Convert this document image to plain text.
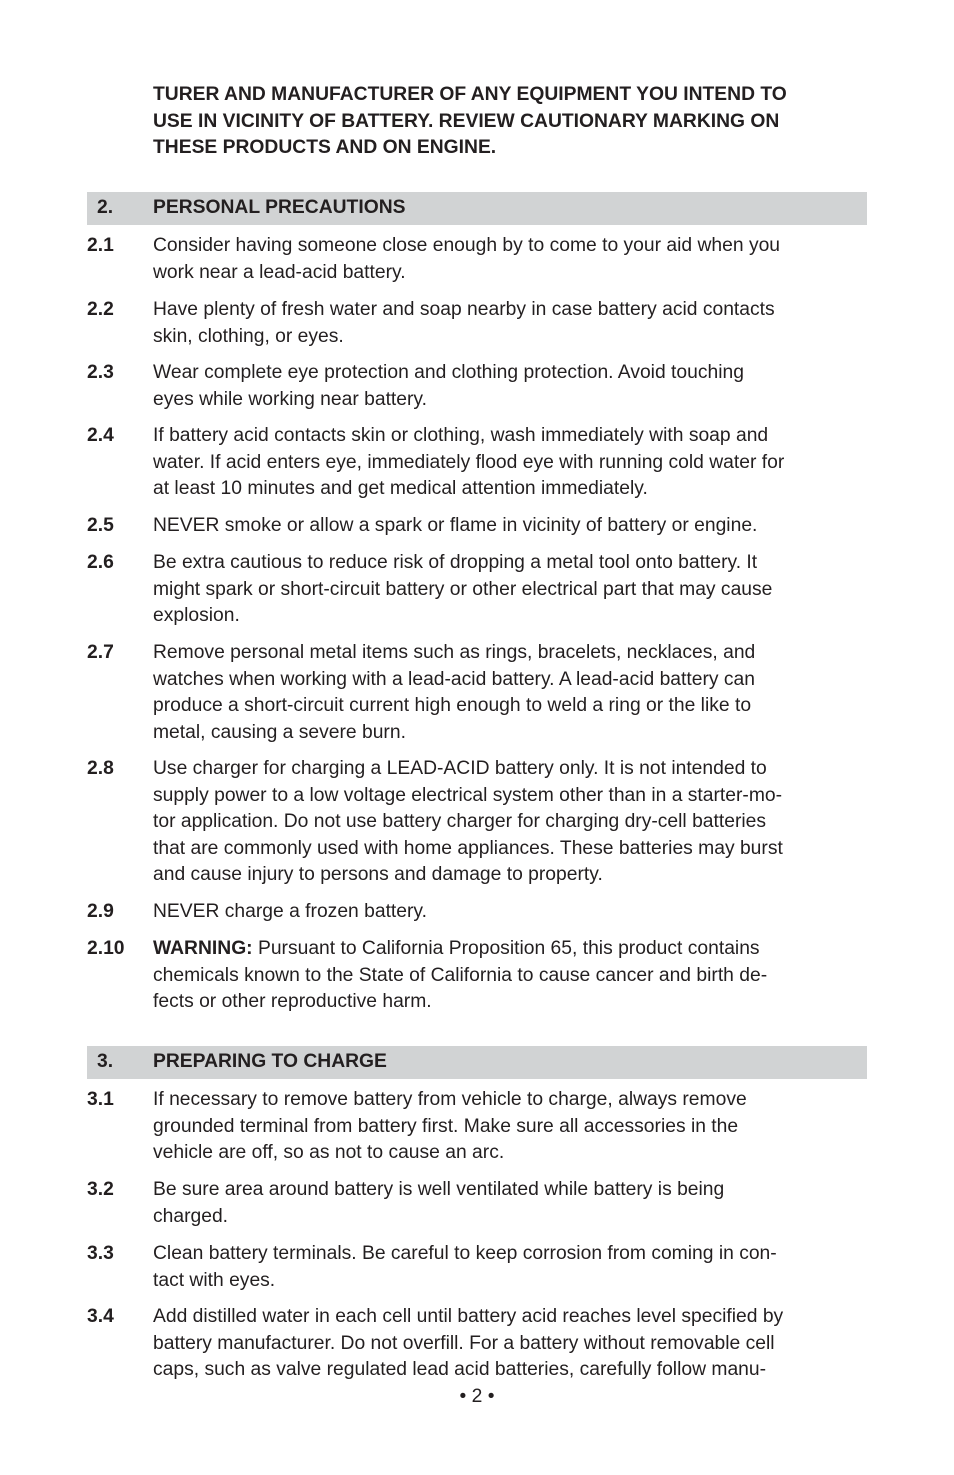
TURER AND MANUFACTURER OF ANY EQUIPMENT YOU INTEND TO
USE IN VICINITY OF BATTERY. REVIEW CAUTIONARY MARKING ON
THESE PRODUCTS AND ON ENGINE.
2. PERSONAL PRECAUTIONS
2.1 Consider having someone close enough by to come to your aid when you
work near a lead-acid battery.
2.2 Have plenty of fresh water and soap nearby in case battery acid contacts
skin, clothing, or eyes.
2.3 Wear complete eye protection and clothing protection. Avoid touching
eyes while working near battery.
2.4 If battery acid contacts skin or clothing, wash immediately with soap and
water. If acid enters eye, immediately flood eye with running cold water for
at least 10 minutes and get medical attention immediately.
2.5 NEVER smoke or allow a spark or flame in vicinity of battery or engine.
2.6 Be extra cautious to reduce risk of dropping a metal tool onto battery. It
might spark or short-circuit battery or other electrical part that may cause
explosion.
2.7 Remove personal metal items such as rings, bracelets, necklaces, and
watches when working with a lead-acid battery. A lead-acid battery can
produce a short-circuit current high enough to weld a ring or the like to
metal, causing a severe burn.
2.8 Use charger for charging a LEAD-ACID battery only. It is not intended to
supply power to a low voltage electrical system other than in a starter-mo-
tor application. Do not use battery charger for charging dry-cell batteries
that are commonly used with home appliances. These batteries may burst
and cause injury to persons and damage to property.
2.9 NEVER charge a frozen battery.
2.10 WARNING: Pursuant to California Proposition 65, this product contains
chemicals known to the State of California to cause cancer and birth de-
fects or other reproductive harm.
3. PREPARING TO CHARGE
3.1 If necessary to remove battery from vehicle to charge, always remove
grounded terminal from battery first. Make sure all accessories in the
vehicle are off, so as not to cause an arc.
3.2 Be sure area around battery is well ventilated while battery is being
charged.
3.3 Clean battery terminals. Be careful to keep corrosion from coming in con-
tact with eyes.
3.4 Add distilled water in each cell until battery acid reaches level specified by
battery manufacturer. Do not overfill. For a battery without removable cell
caps, such as valve regulated lead acid batteries, carefully follow manu-
• 2 •
